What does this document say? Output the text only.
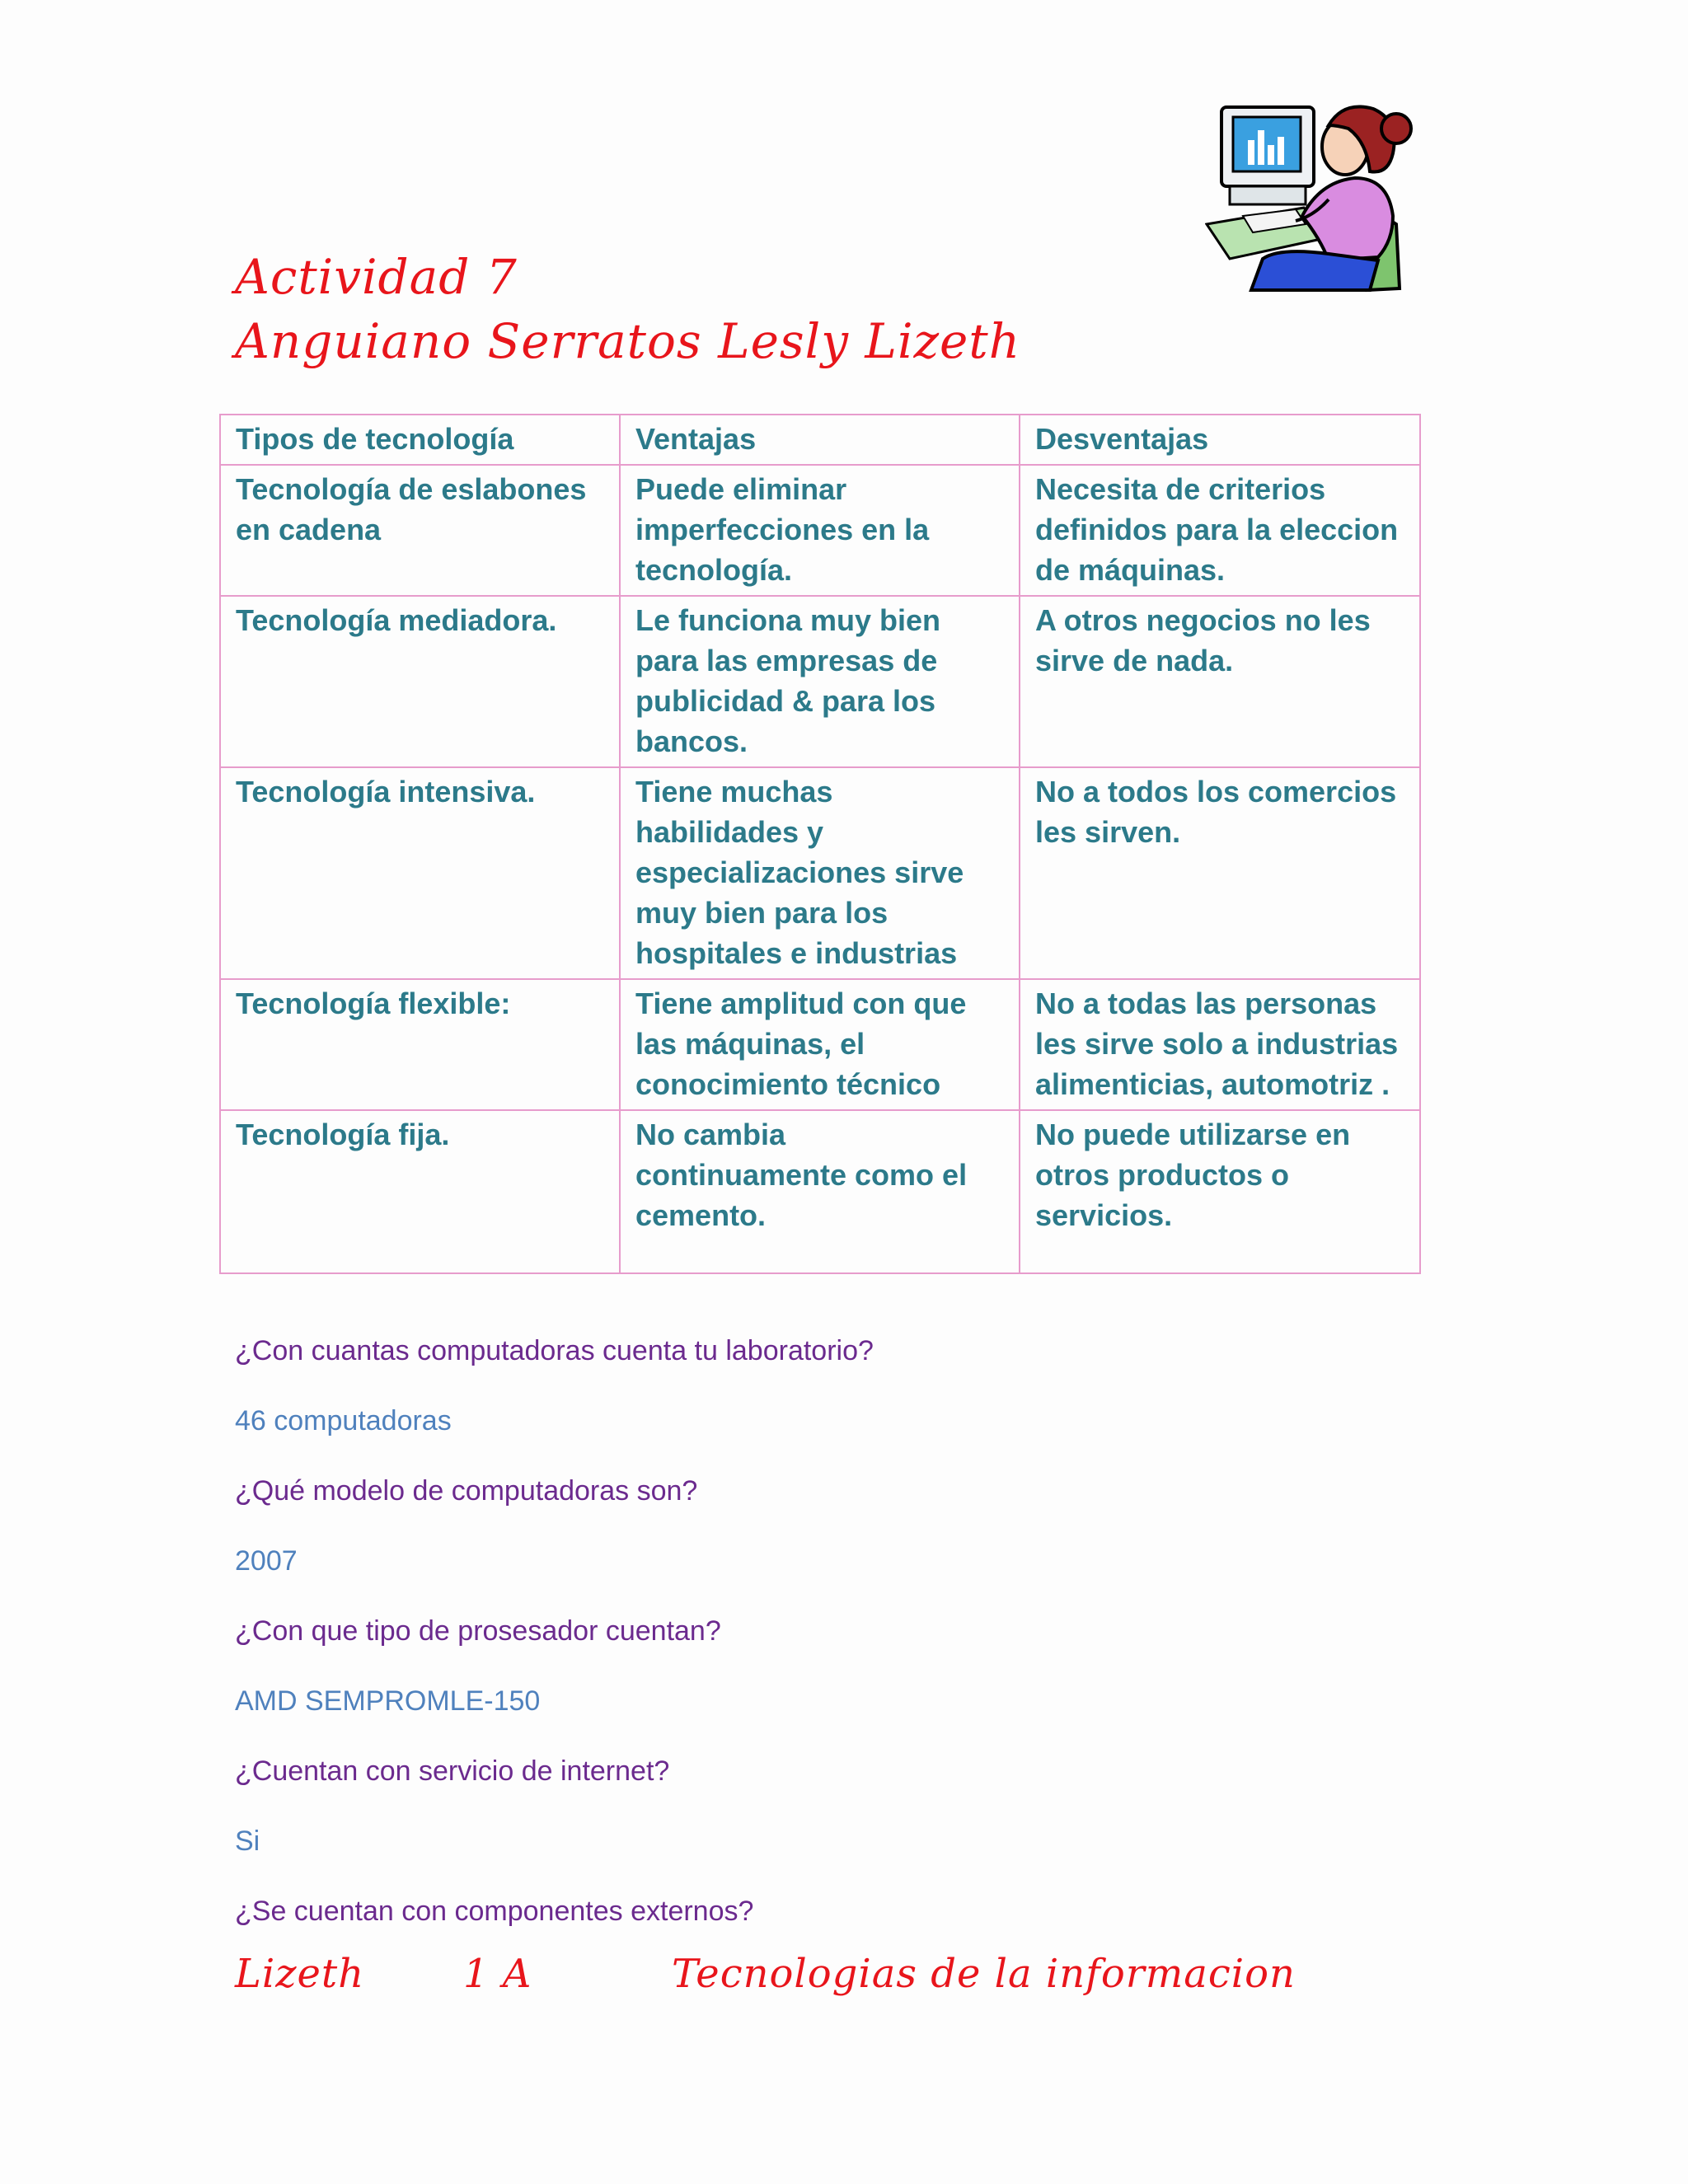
Actividad 7
Anguiano Serratos Lesly Lizeth
Tipos de tecnología	Ventajas	Desventajas
Tecnología de eslabones en cadena	Puede eliminar imperfecciones en la tecnología.	Necesita de criterios definidos para la eleccion de máquinas.
Tecnología mediadora.	Le funciona muy bien para las empresas de publicidad & para los bancos.	A otros negocios no les sirve de nada.
Tecnología intensiva.	Tiene muchas habilidades y especializaciones sirve muy bien para los hospitales e industrias	No a todos los comercios les sirven.
Tecnología flexible:	Tiene amplitud con que las máquinas, el conocimiento técnico	No a todas las personas les sirve solo a industrias alimenticias, automotriz .
Tecnología fija.	No cambia continuamente como el cemento.	No puede utilizarse en otros productos o servicios.
¿Con cuantas computadoras cuenta tu laboratorio?
46 computadoras
¿Qué modelo de computadoras son?
2007
¿Con que tipo de prosesador cuentan?
AMD SEMPROMLE-150
¿Cuentan con servicio de internet?
Si
¿Se cuentan con componentes externos?
Lizeth 1 A	Tecnologias de la informacion
